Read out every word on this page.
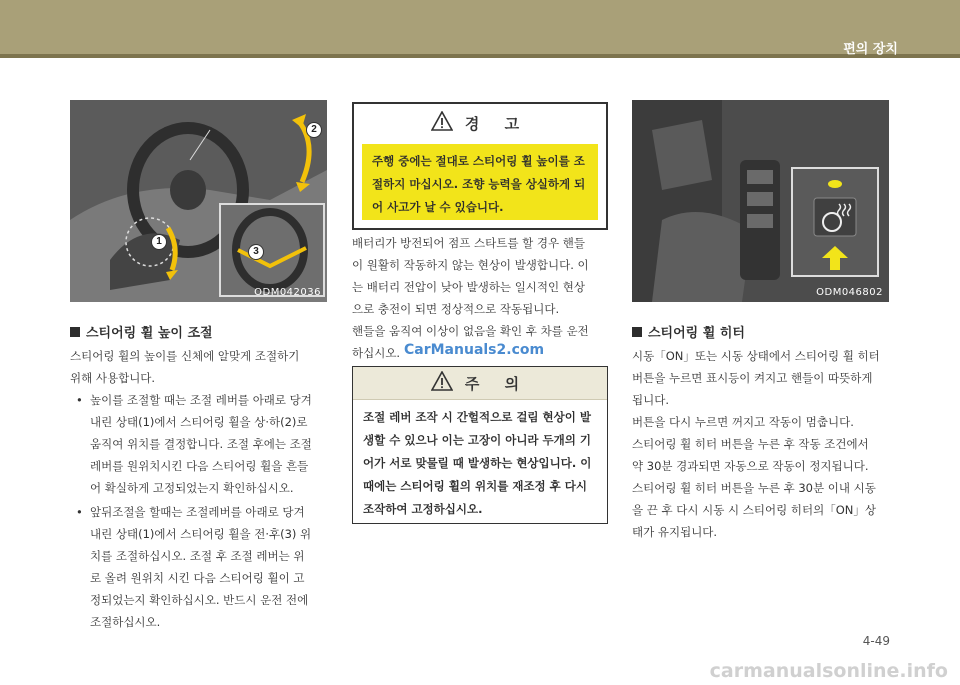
편의 장치
1
2
3
ODM042036	ODM046802
스티어링 휠 높이 조절
스티어링 휠의 높이를 신체에 알맞게 조절하기
위해 사용합니다.
• 높이를 조절할 때는 조절 레버를 아래로 당겨
내린 상태(1)에서 스티어링 휠을 상·하(2)로
움직여 위치를 결정합니다. 조절 후에는 조절
레버를 원위치시킨 다음 스티어링 휠을 흔들
어 확실하게 고정되었는지 확인하십시오.
• 앞뒤조절을 할때는 조절레버를 아래로 당겨
내린 상태(1)에서 스티어링 휠을 전·후(3) 위
치를 조절하십시오. 조절 후 조절 레버는 위
로 올려 원위치 시킨 다음 스티어링 휠이 고
정되었는지 확인하십시오. 반드시 운전 전에
조절하십시오.
경 고
주행 중에는 절대로 스티어링 휠 높이를 조
절하지 마십시오. 조향 능력을 상실하게 되
어 사고가 날 수 있습니다.
배터리가 방전되어 점프 스타트를 할 경우 핸들
이 원활히 작동하지 않는 현상이 발생합니다. 이
는 배터리 전압이 낮아 발생하는 일시적인 현상
으로 충전이 되면 정상적으로 작동됩니다.
핸들을 움직여 이상이 없음을 확인 후 차를 운전
하십시오. CarManuals2.com
주 의
조절 레버 조작 시 간헐적으로 걸림 현상이 발
생할 수 있으나 이는 고장이 아니라 두개의 기
어가 서로 맞물릴 때 발생하는 현상입니다. 이
때에는 스티어링 휠의 위치를 재조정 후 다시
조작하여 고정하십시오.
스티어링 휠 히터
시동「ON」또는 시동 상태에서 스티어링 휠 히터
버튼을 누르면 표시등이 켜지고 핸들이 따뜻하게
됩니다.
버튼을 다시 누르면 꺼지고 작동이 멈춥니다.
스티어링 휠 히터 버튼을 누른 후 작동 조건에서
약 30분 경과되면 자동으로 작동이 정지됩니다.
스티어링 휠 히터 버튼을 누른 후 30분 이내 시동
을 끈 후 다시 시동 시 스티어링 히터의「ON」상
태가 유지됩니다.
4-49
carmanualsonline.info
